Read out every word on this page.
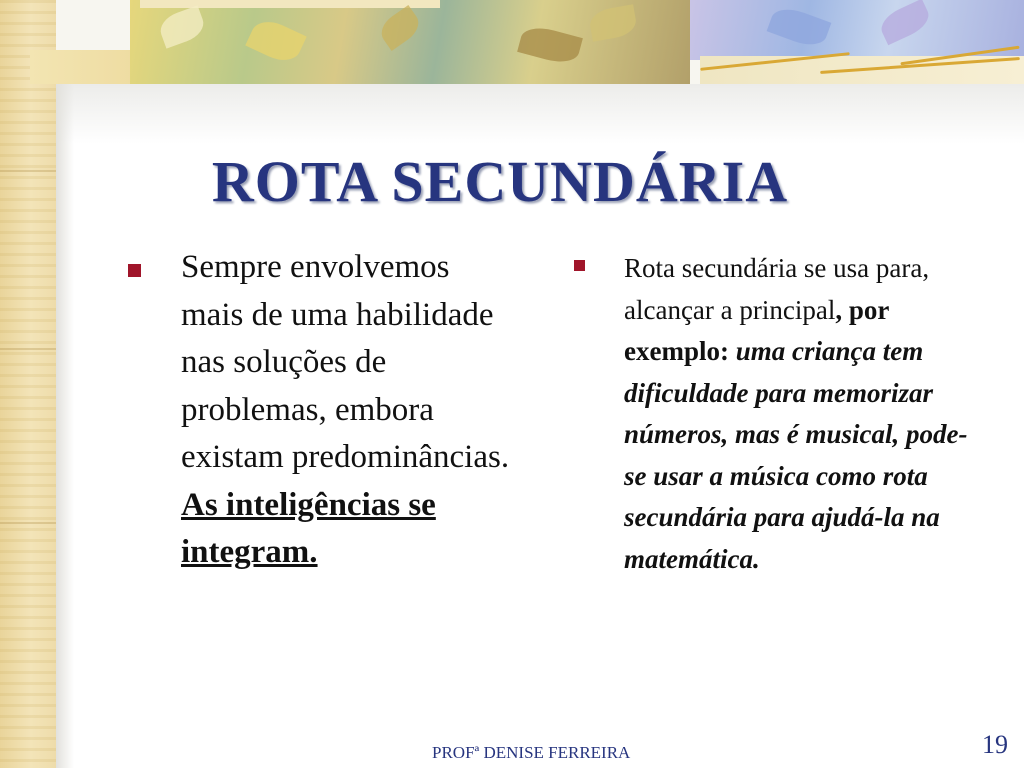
ROTA SECUNDÁRIA
Sempre envolvemos mais de uma habilidade nas soluções de problemas, embora existam predominâncias. As inteligências se integram.
Rota secundária se usa para, alcançar a principal, por exemplo: uma criança tem dificuldade para memorizar números, mas é musical, pode-se usar a música como rota secundária para ajudá-la na matemática.
PROFª DENISE FERREIRA	19
